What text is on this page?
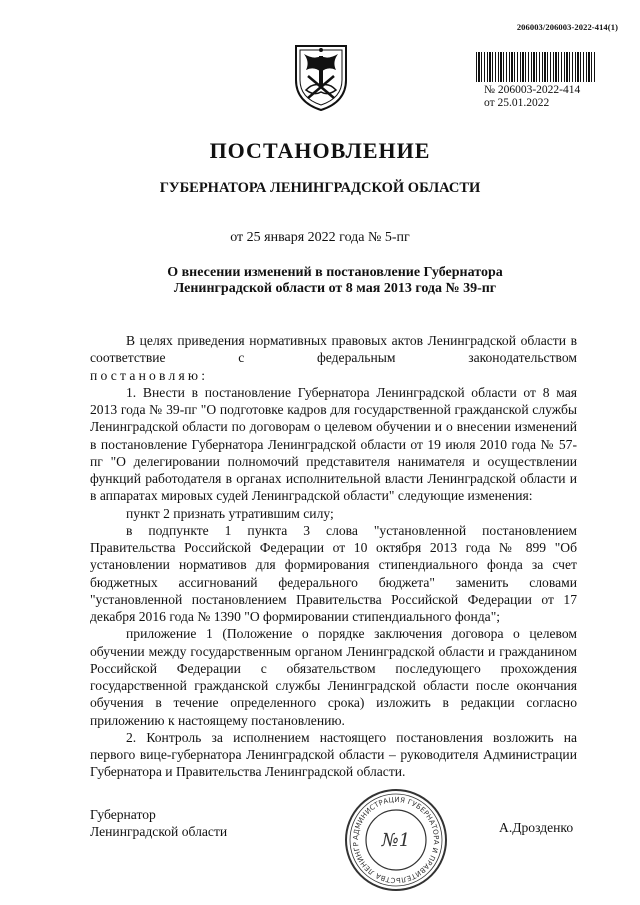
206003/206003-2022-414(1)
№ 206003-2022-414
от 25.01.2022
ПОСТАНОВЛЕНИЕ
ГУБЕРНАТОРА ЛЕНИНГРАДСКОЙ ОБЛАСТИ
от 25 января 2022 года № 5-пг
О внесении изменений в постановление Губернатора
Ленинградской области от 8 мая 2013 года № 39-пг

В целях приведения нормативных правовых актов Ленинградской области в соответствие с федеральным законодательством

постановляю:

1. Внести в постановление Губернатора Ленинградской области от 8 мая 2013 года № 39-пг "О подготовке кадров для государственной гражданской службы Ленинградской области по договорам о целевом обучении и о внесении изменений в постановление Губернатора Ленинградской области от 19 июля 2010 года № 57-пг "О делегировании полномочий представителя нанимателя и осуществлении функций работодателя в органах исполнительной власти Ленинградской области и в аппаратах мировых судей Ленинградской области" следующие изменения:

пункт 2 признать утратившим силу;

в подпункте 1 пункта 3 слова "установленной постановлением Правительства Российской Федерации от 10 октября 2013 года № 899 "Об установлении нормативов для формирования стипендиального фонда за счет бюджетных ассигнований федерального бюджета" заменить словами "установленной постановлением Правительства Российской Федерации от 17 декабря 2016 года № 1390 "О формировании стипендиального фонда";

приложение 1 (Положение о порядке заключения договора о целевом обучении между государственным органом Ленинградской области и гражданином Российской Федерации с обязательством последующего прохождения государственной гражданской службы Ленинградской области после окончания обучения в течение определенного срока) изложить в редакции согласно приложению к настоящему постановлению.

2. Контроль за исполнением настоящего постановления возложить на первого вице-губернатора Ленинградской области – руководителя Администрации Губернатора и Правительства Ленинградской области.

Губернатор
Ленинградской области	А.Дрозденко
АДМИНИСТРАЦИЯ ГУБЕРНАТОРА И ПРАВИТЕЛЬСТВА ЛЕНИНГР	№1
